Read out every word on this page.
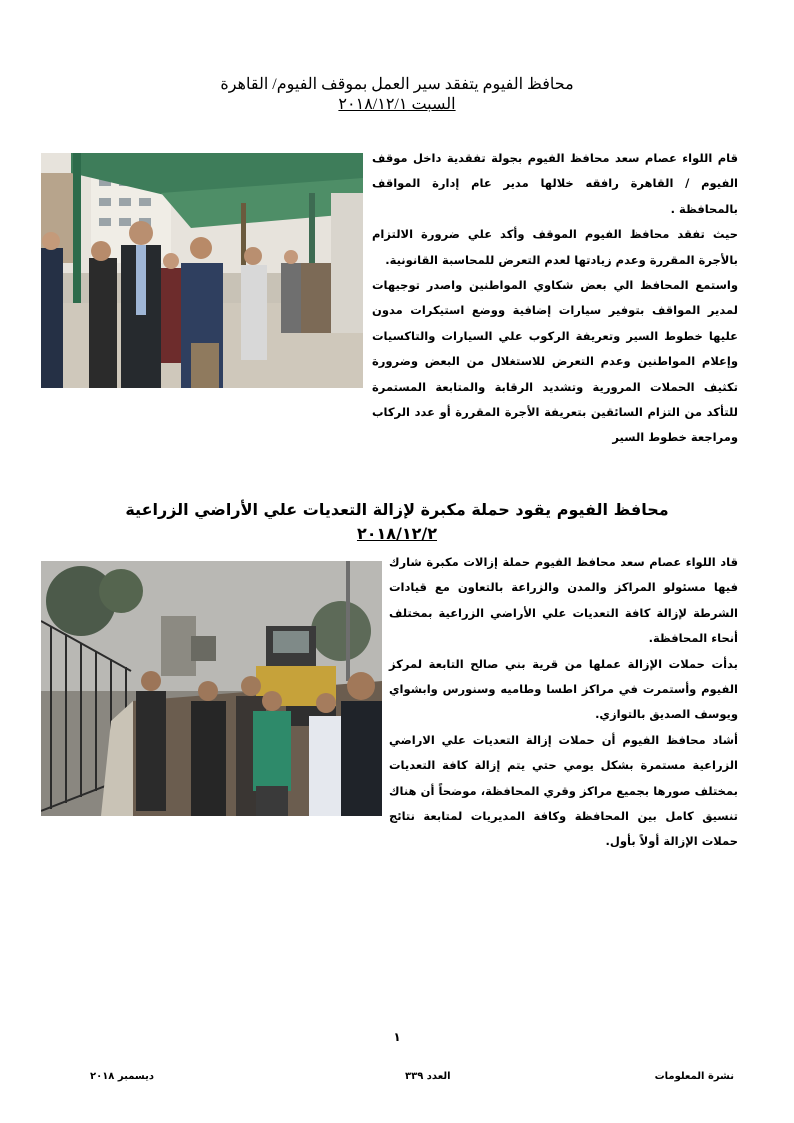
محافظ الفيوم يتفقد سير العمل بموقف الفيوم/ القاهرة
السبت ٢٠١٨/١٢/١

قام اللواء عصام سعد محافظ الفيوم بجولة تفقدية داخل موقف الفيوم / القاهرة رافقه خلالها مدير عام إدارة المواقف بالمحافظة .

حيث تفقد محافظ الفيوم الموقف وأكد علي ضرورة الالتزام بالأجرة المقررة وعدم زيادتها لعدم التعرض للمحاسبة القانونية.

واستمع المحافظ الي بعض شكاوي المواطنين واصدر توجيهات لمدير المواقف بتوفير سيارات إضافية ووضع استيكرات مدون عليها خطوط السير وتعريفة الركوب علي السيارات والتاكسيات وإعلام المواطنين وعدم التعرض للاستغلال من البعض وضرورة تكثيف الحملات المرورية وتشديد الرقابة والمتابعة المستمرة للتأكد من التزام السائقين بتعريفة الأجرة المقررة أو عدد الركاب ومراجعة خطوط السير

محافظ الفيوم يقود حملة مكبرة لإزالة التعديات علي الأراضي الزراعية
٢٠١٨/١٢/٢

قاد اللواء عصام سعد محافظ الفيوم حملة إزالات مكبرة شارك فيها مسئولو المراكز والمدن والزراعة بالتعاون مع قيادات الشرطة لإزالة كافة التعديات علي الأراضي الزراعية بمختلف أنحاء المحافظة.

بدأت حملات الإزالة عملها من قرية بني صالح التابعة لمركز الفيوم وأستمرت في مراكز اطسا وطاميه وسنورس وابشواي ويوسف الصديق بالتوازي.

أشاد محافظ الفيوم أن حملات إزالة التعديات علي الاراضي الزراعية مستمرة بشكل يومي حتي يتم إزالة كافة التعديات بمختلف صورها بجميع مراكز وقري المحافظة، موضحاً أن هناك تنسيق كامل بين المحافظة وكافة المديريات لمتابعة نتائج حملات الإزالة أولاً بأول.

١
نشرة المعلومات
العدد ٣٣٩
ديسمبر ٢٠١٨
